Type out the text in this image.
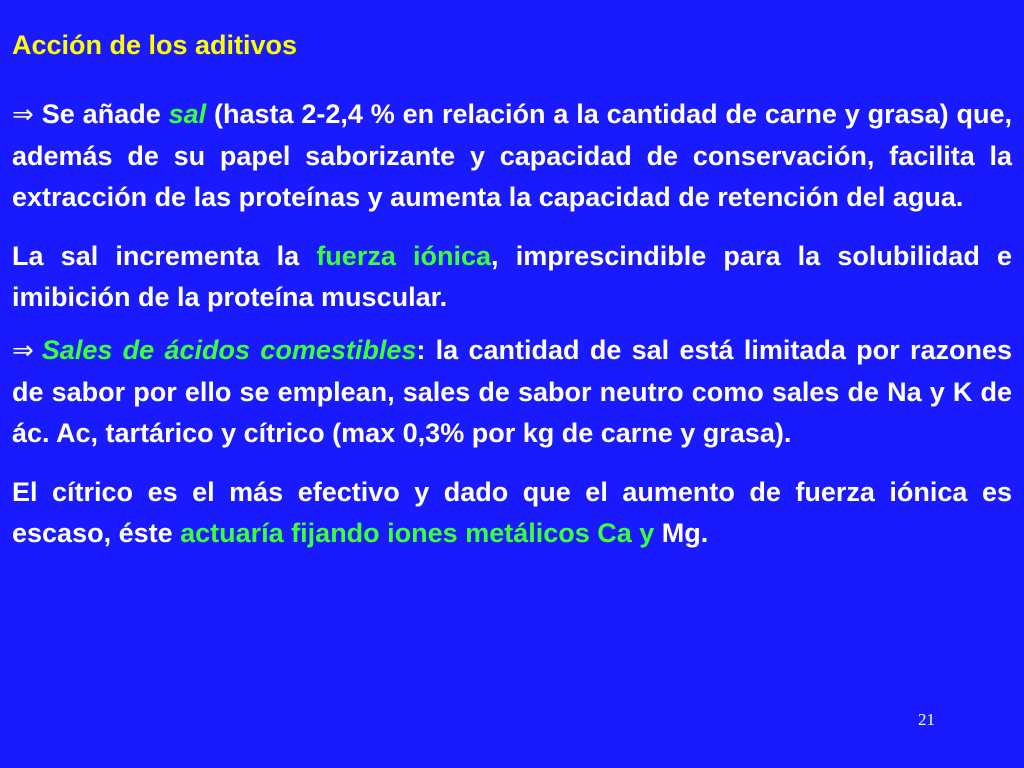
Acción de los aditivos

⇒ Se añade sal (hasta 2-2,4 % en relación a la cantidad de carne y grasa) que, además de su papel saborizante y capacidad de conservación, facilita la extracción de las proteínas y aumenta la capacidad de retención del agua.

La sal incrementa la fuerza iónica, imprescindible para la solubilidad e imibición de la proteína muscular.

⇒ Sales de ácidos comestibles: la cantidad de sal está limitada por razones de sabor por ello se emplean, sales de sabor neutro como sales de Na y K de ác. Ac, tartárico y cítrico (max 0,3% por kg de carne y grasa).

El cítrico es el más efectivo y dado que el aumento de fuerza iónica es escaso, éste actuaría fijando iones metálicos Ca y Mg.

21
